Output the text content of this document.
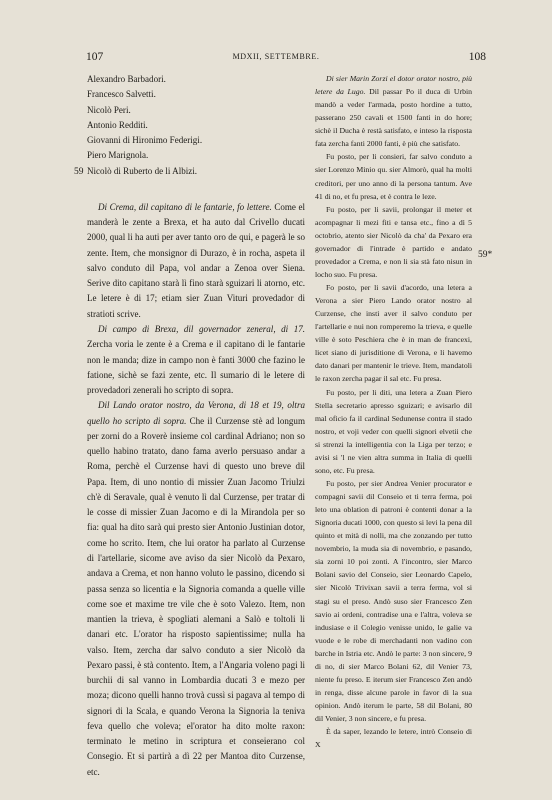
107	MDXII, SETTEMBRE.	108
59
59*
Alexandro Barbadori.
Francesco Salvetti.
Nicolò Peri.
Antonio Redditi.
Giovanni di Hironimo Federigi.
Piero Marignola.
Nicolò di Ruberto de li Albizi.

Di Crema, dil capitano di le fantarie, fo lettere. Come el manderà le zente a Brexa, et ha auto dal Crivello ducati 2000, qual li ha auti per aver tanto oro de qui, e pagerà le so zente. Item, che monsignor di Durazo, è in rocha, aspeta il salvo conduto dil Papa, vol andar a Zenoa over Siena. Serive dito capitano starà lì fino starà sguizari li atorno, etc. Le letere è di 17; etiam sier Zuan Vituri provedador di stratioti scrive.

Di campo di Brexa, dil governador zeneral, di 17. Zercha voria le zente è a Crema e il capitano di le fantarie non le manda; dize in campo non è fanti 3000 che fazino le fatione, sichè se fazi zente, etc. Il sumario di le letere di provedadori zenerali ho scripto di sopra.

Dil Lando orator nostro, da Verona, di 18 et 19, oltra quello ho scripto di sopra. Che il Curzense stè ad longum per zorni do a Roverè insieme col cardinal Adriano; non so quello habino tratato, dano fama averlo persuaso andar a Roma, perchè el Curzense havi di questo uno breve dil Papa. Item, di uno nontio di missier Zuan Jacomo Triulzi ch'è di Seravale, qual è venuto lì dal Curzense, per tratar di le cosse di missier Zuan Jacomo e di la Mirandola per so fia: qual ha dito sarà qui presto sier Antonio Justinian dotor, come ho scrito. Item, che lui orator ha parlato al Curzense di l'artellarie, sicome ave aviso da sier Nicolò da Pexaro, andava a Crema, et non hanno voluto le passino, dicendo si passa senza so licentia e la Signoria comanda a quelle ville come soe et maxime tre vile che è soto Valezo. Item, non mantien la trieva, è spogliati alemani a Salò e toltoli li danari etc. L'orator ha risposto sapientissime; nulla ha valso. Item, zercha dar salvo conduto a sier Nicolò da Pexaro passi, è stà contento. Item, a l'Angaria voleno pagi li burchii di sal vanno in Lombardia ducati 3 e mezo per moza; dicono quelli hanno trovà cussì si pagava al tempo di signori di la Scala, e quando Verona la Signoria la teniva feva quello che voleva; el'orator ha dito molte raxon: terminato le metino in scriptura et conseierano col Consegio. Et si partirà a dì 22 per Mantoa dito Curzense, etc.

Di sier Marin Zorzi el dotor orator nostro, più letere da Lugo. Dil passar Po il duca di Urbin mandò a veder l'armada, posto hordine a tutto, passerano 250 cavali et 1500 fanti in do hore; sichè il Ducha è restà satisfato, e inteso la risposta fata zercha fanti 2000 fanti, è più che satisfato.

Fu posto, per li consieri, far salvo conduto a sier Lorenzo Minio qu. sier Almorò, qual ha molti creditori, per uno anno di la persona tantum. Ave 41 di no, et fu presa, et è contra le leze.

Fu posto, per li savii, prolongar il meter et acompagnar li mezi fiti e tansa etc., fino a dì 5 octobrio, atento sier Nicolò da cha' da Pexaro era governador di l'intrade è partido e andato provedador a Crema, e non li sia stà fato nisun in locho suo. Fu presa.

Fo posto, per li savii d'acordo, una letera a Verona a sier Piero Lando orator nostro al Curzense, che insti aver il salvo conduto per l'artellarie e nui non romperemo la trieva, e quelle ville è soto Peschiera che è in man de francexi, licet siano di jurisditione di Verona, e li havemo dato danari per mantenir le trieve. Item, mandatoli le raxon zercha pagar il sal etc. Fu presa.

Fu posto, per li diti, una letera a Zuan Piero Stella secretario apresso sguizari; e avisarlo dil mal oficio fa il cardinal Sedunense contra il stado nostro, et voji veder con quelli signori elvetii che si strenzi la intelligentia con la Liga per terzo; e avisi si 'l ne vien altra summa in Italia di quelli sono, etc. Fu presa.

Fu posto, per sier Andrea Venier procurator e compagni savii dil Conseio et ti terra ferma, poi leto una oblation di patroni è contenti donar a la Signoria ducati 1000, con questo si levi la pena dil quinto et mità di nolli, ma che zonzando per tutto novembrio, la muda sia di novembrio, e pasando, sia zorni 10 poi zonti. A l'incontro, sier Marco Bolani savio del Conseio, sier Leonardo Capelo, sier Nicolò Trivixan savii a terra ferma, vol si stagi su el preso. Andò suso sier Francesco Zen savio ai ordeni, contradise una e l'altra, voleva se indusiase e il Colegio venisse unido, le galie va vuode e le robe di merchadanti non vadino con barche in Istria etc. Andò le parte: 3 non sincere, 9 di no, di sier Marco Bolani 62, dil Venier 73, niente fu preso. E iterum sier Francesco Zen andò in renga, disse alcune parole in favor di la sua opinion. Andò iterum le parte, 58 dil Bolani, 80 dil Venier, 3 non sincere, e fu presa.

È da saper, lezando le letere, intrò Conseio di X
